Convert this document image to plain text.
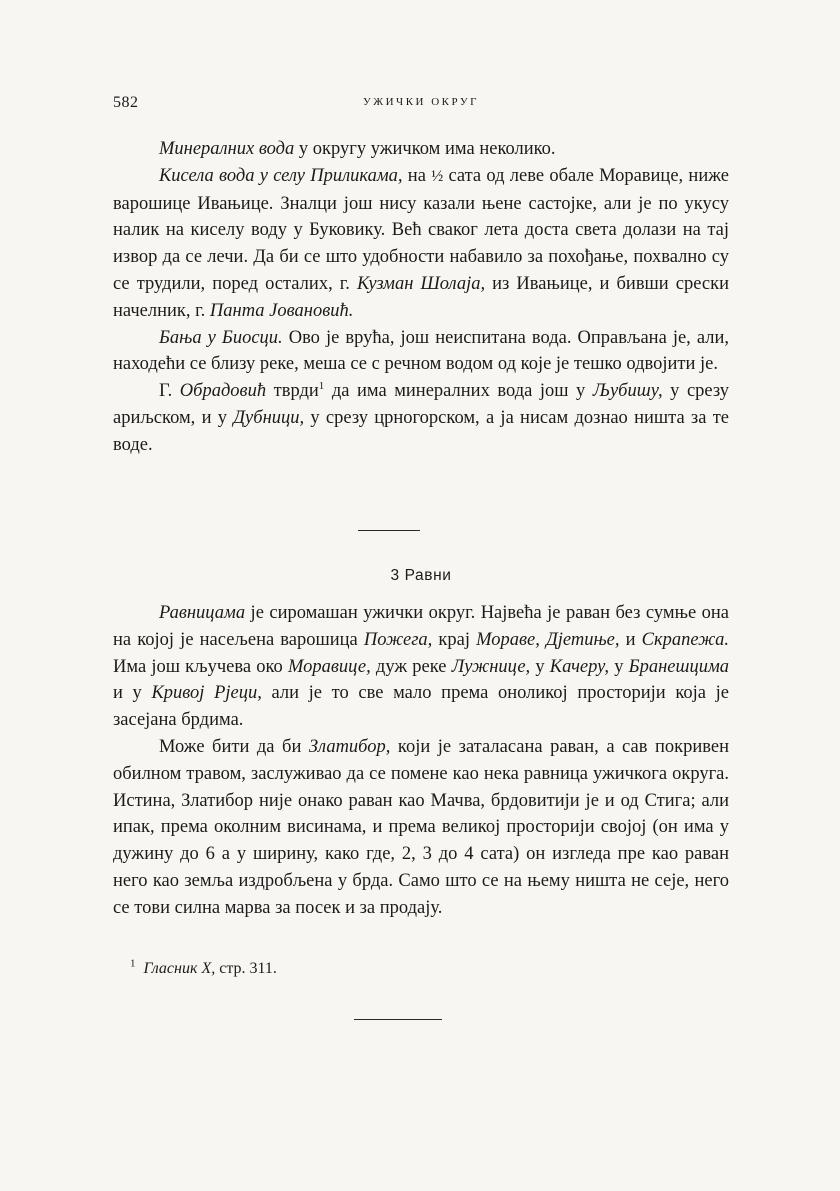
582	УЖИЧКИ ОКРУГ

Минералних вода у округу ужичком има неколико.

Кисела вода у селу Приликама, на ½ сата од леве обале Моравице, ниже варошице Ивањице. Зналци још нису казали њене састојке, али је по укусу налик на киселу воду у Буковику. Већ сваког лета доста света долази на тај извор да се лечи. Да би се што удобности набавило за похођање, похвално су се трудили, поред осталих, г. Кузман Шолаја, из Ивањице, и бивши срески начелник, г. Панта Јовановић.

Бања у Биосци. Ово је врућа, још неиспитана вода. Оправљана је, али, находећи се близу реке, меша се с речном водом од које је тешко одвојити је.

Г. Обрадовић тврди$^1$ да има минералних вода још у Љубишу, у срезу ариљском, и у Дубници, у срезу црногорском, а ја нисам дознао ништа за те воде.

3 Равни

Равницама је сиромашан ужички округ. Највећа је раван без сумње она на којој је насељена варошица Пожега, крај Мораве, Дјетиње, и Скрапежа. Има још кључева око Моравице, дуж реке Лужнице, у Качеру, у Бранешцима и у Кривој Рјеци, али је то све мало према оноликој просторији која је засејана брдима.

Може бити да би Златибор, који је заталасана раван, а сав покривен обилном травом, заслуживао да се помене као нека равница ужичкога округа. Истина, Златибор није онако раван као Мачва, брдовитији је и од Стига; али ипак, према околним висинама, и према великој просторији својој (он има у дужину до 6 а у ширину, како где, 2, 3 до 4 сата) он изгледа пре као раван него као земља издробљена у брда. Само што се на њему ништа не сеје, него се тови силна марва за посек и за продају.

$^1$ Гласник X, стр. 311.
